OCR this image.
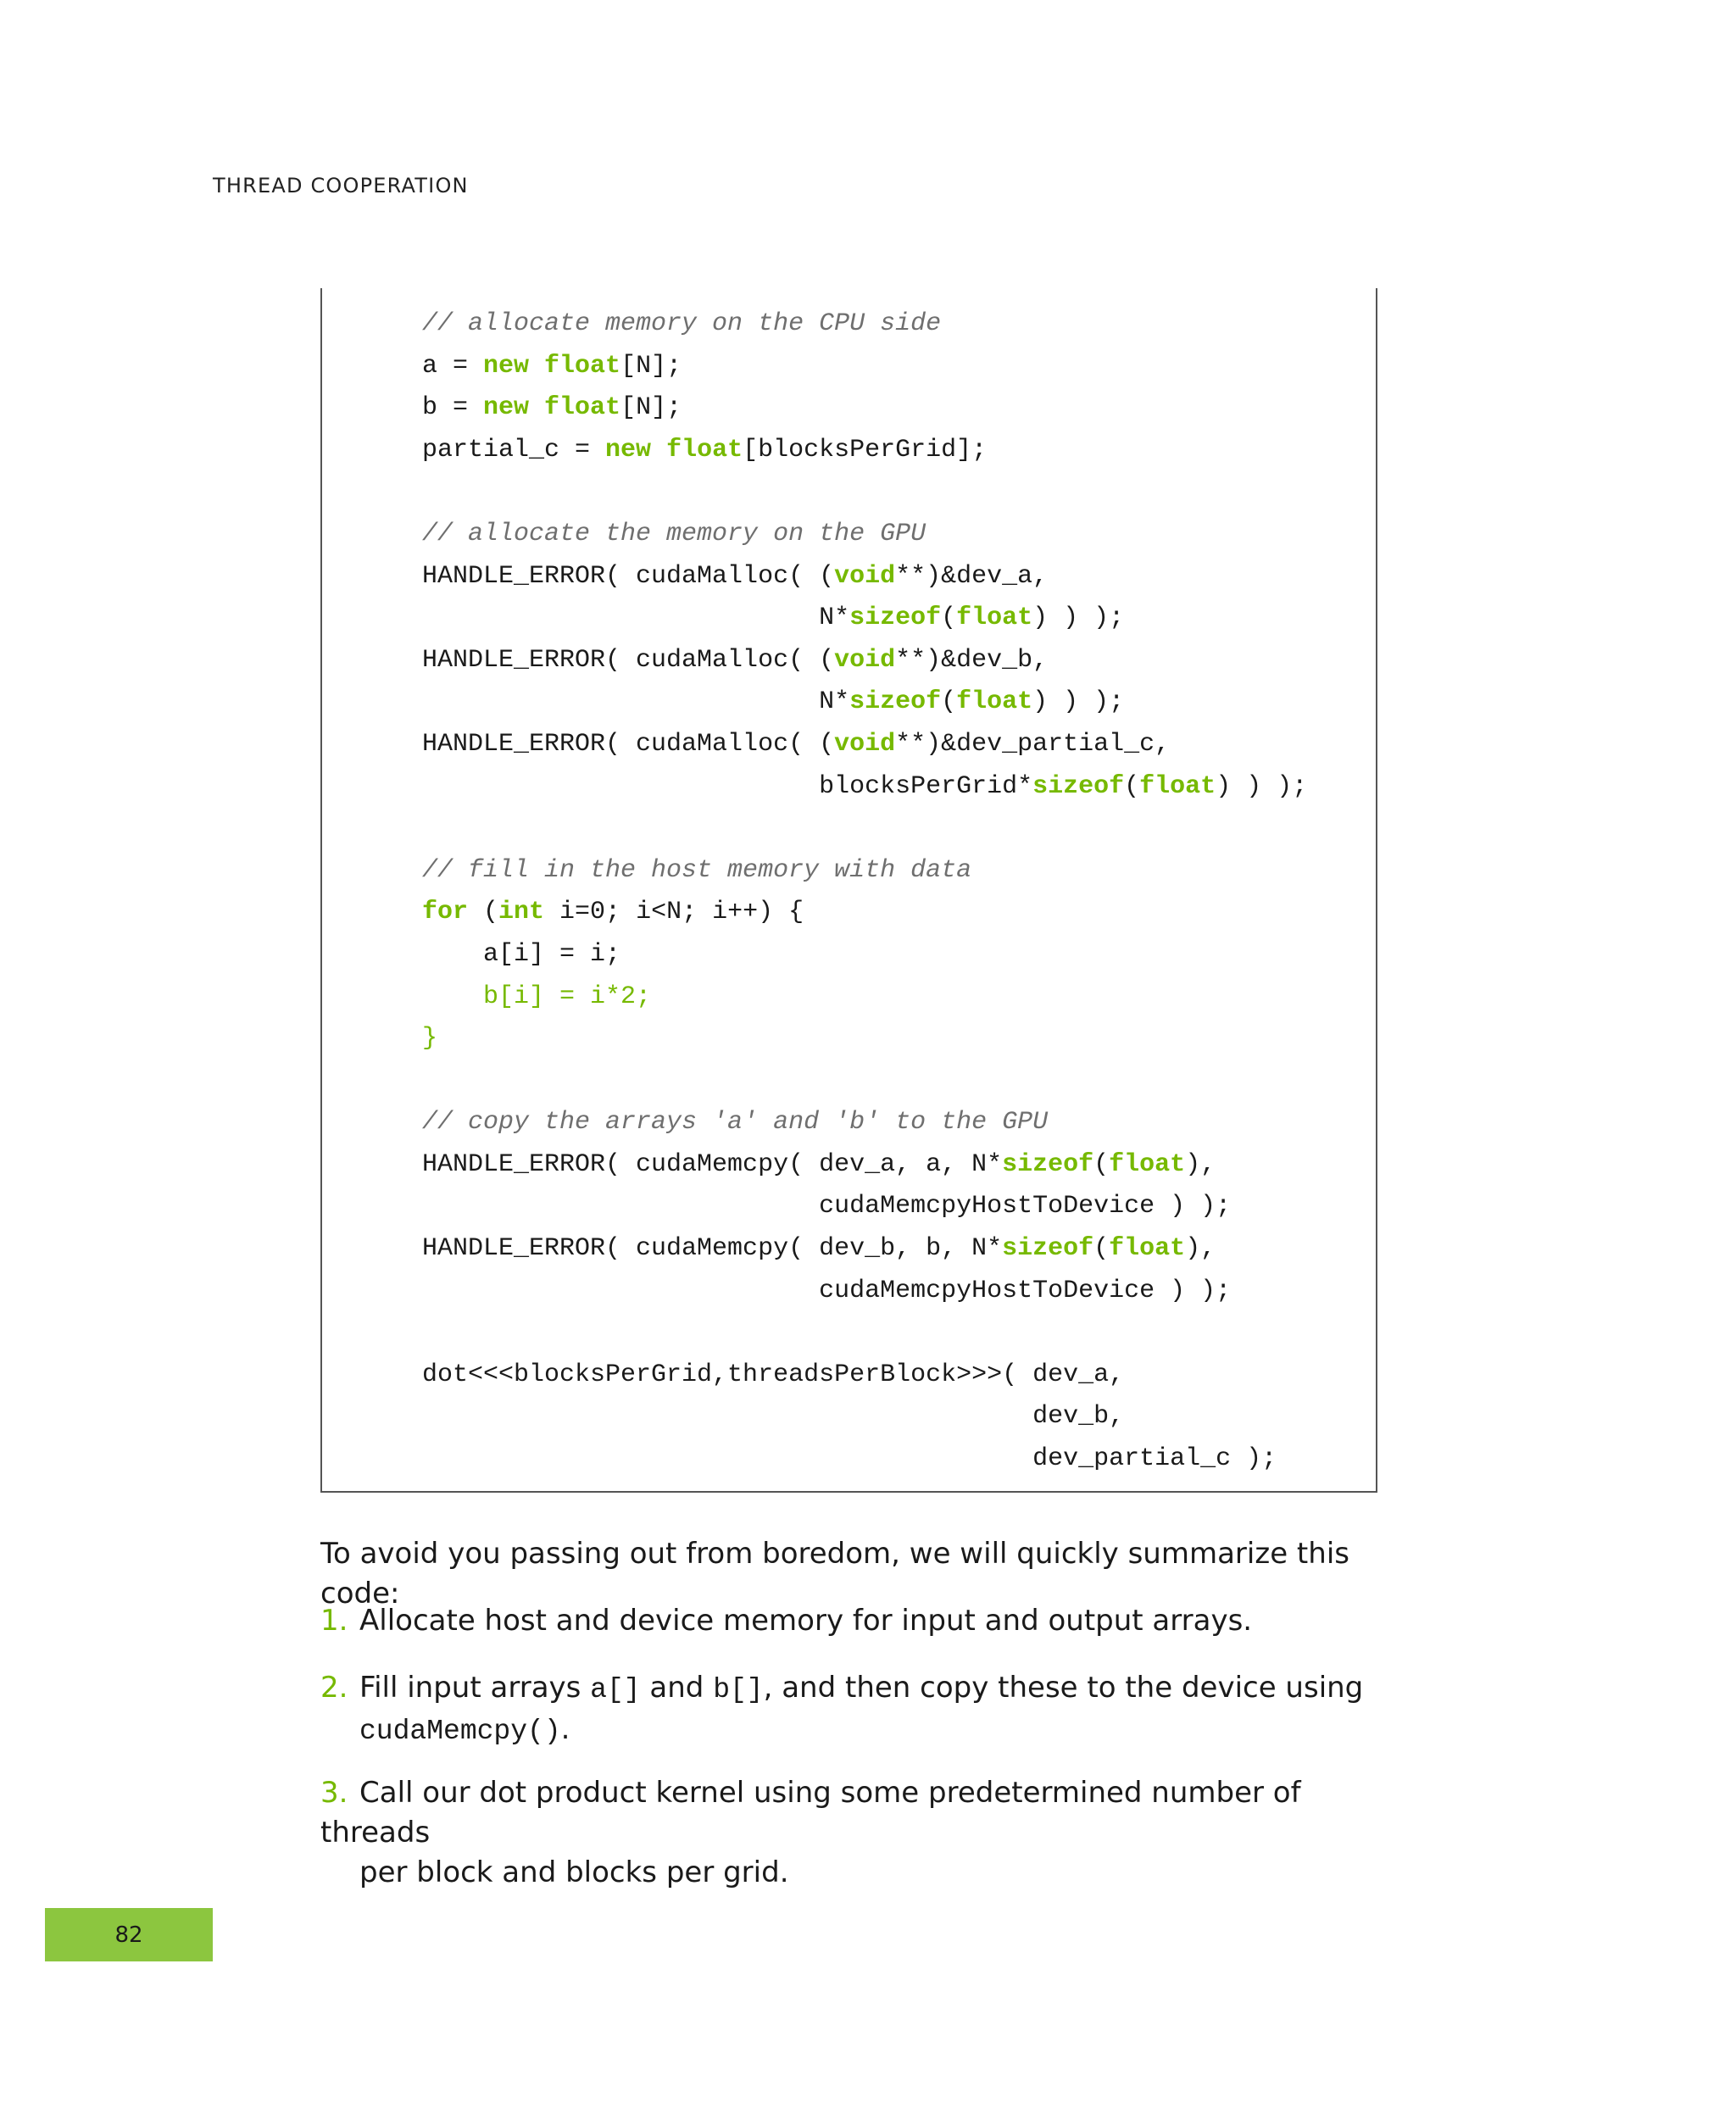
THREAD COOPERATION
// allocate memory on the CPU side
a = new float[N];
b = new float[N];
partial_c = new float[blocksPerGrid];

// allocate the memory on the GPU
HANDLE_ERROR( cudaMalloc( (void**)&dev_a,
N*sizeof(float) ) );
HANDLE_ERROR( cudaMalloc( (void**)&dev_b,
N*sizeof(float) ) );
HANDLE_ERROR( cudaMalloc( (void**)&dev_partial_c,
blocksPerGrid*sizeof(float) ) );

// fill in the host memory with data
for (int i=0; i<N; i++) {
a[i] = i;
b[i] = i*2;
}

// copy the arrays 'a' and 'b' to the GPU
HANDLE_ERROR( cudaMemcpy( dev_a, a, N*sizeof(float),
cudaMemcpyHostToDevice ) );
HANDLE_ERROR( cudaMemcpy( dev_b, b, N*sizeof(float),
cudaMemcpyHostToDevice ) );

dot<<<blocksPerGrid,threadsPerBlock>>>( dev_a,
dev_b,
dev_partial_c );

To avoid you passing out from boredom, we will quickly summarize this code:
1. Allocate host and device memory for input and output arrays.
2. Fill input arrays a[] and b[], and then copy these to the device using
cudaMemcpy().
3. Call our dot product kernel using some predetermined number of threads
per block and blocks per grid.
82
